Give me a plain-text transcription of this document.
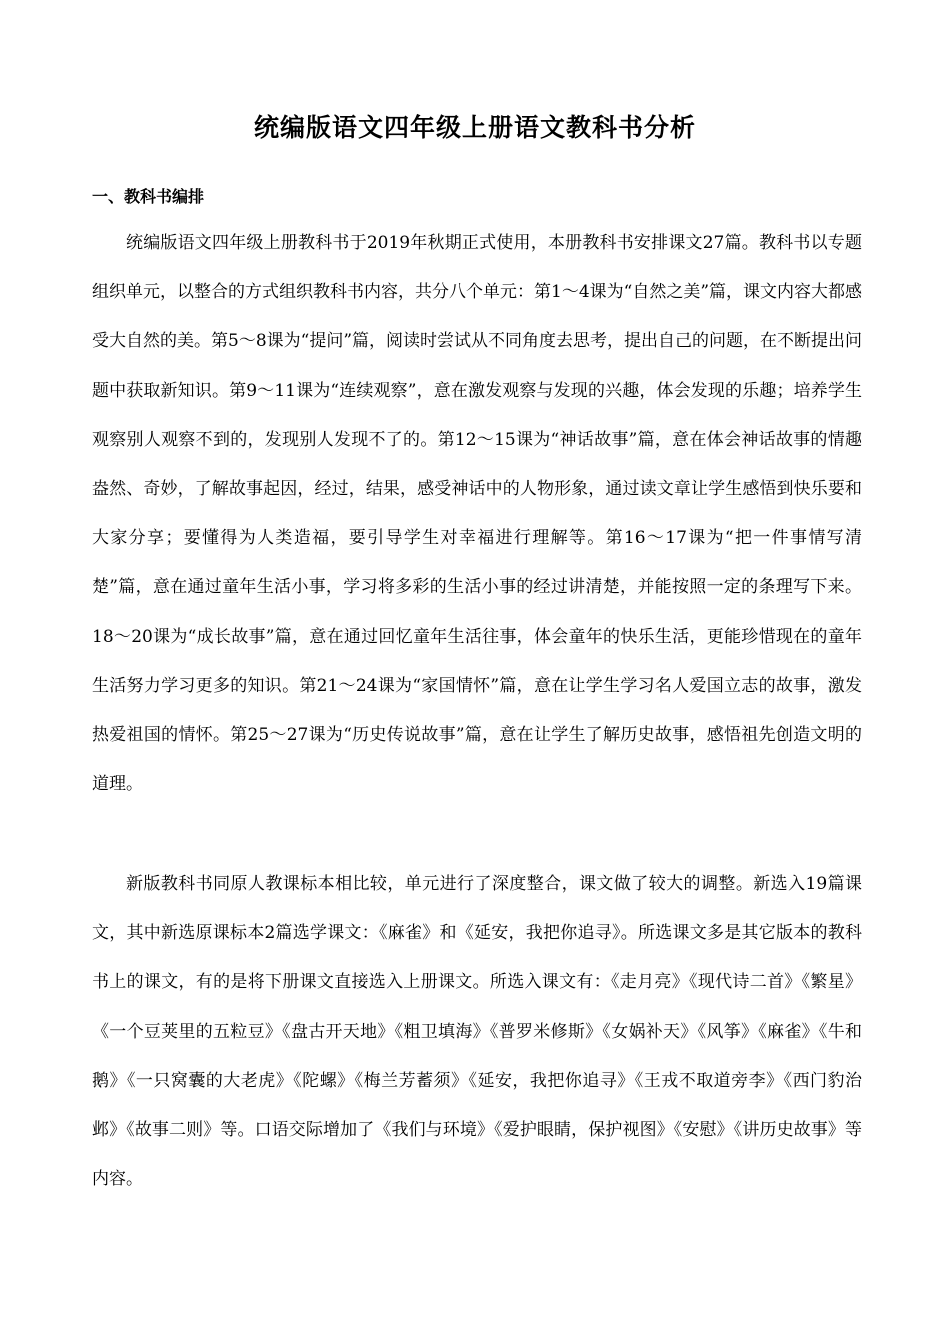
统编版语文四年级上册语文教科书分析
一、教科书编排

统编版语文四年级上册教科书于2019年秋期正式使用，本册教科书安排课文27篇。教科书以专题组织单元，以整合的方式组织教科书内容，共分八个单元：第1～4课为“自然之美”篇，课文内容大都感受大自然的美。第5～8课为“提问”篇，阅读时尝试从不同角度去思考，提出自己的问题，在不断提出问题中获取新知识。第9～11课为“连续观察”，意在激发观察与发现的兴趣，体会发现的乐趣；培养学生观察别人观察不到的，发现别人发现不了的。第12～15课为“神话故事”篇，意在体会神话故事的情趣盎然、奇妙，了解故事起因，经过，结果，感受神话中的人物形象，通过读文章让学生感悟到快乐要和大家分享；要懂得为人类造福，要引导学生对幸福进行理解等。第16～17课为“把一件事情写清楚”篇，意在通过童年生活小事，学习将多彩的生活小事的经过讲清楚，并能按照一定的条理写下来。18～20课为“成长故事”篇，意在通过回忆童年生活往事，体会童年的快乐生活，更能珍惜现在的童年生活努力学习更多的知识。第21～24课为“家国情怀”篇，意在让学生学习名人爱国立志的故事，激发热爱祖国的情怀。第25～27课为“历史传说故事”篇，意在让学生了解历史故事，感悟祖先创造文明的道理。

新版教科书同原人教课标本相比较，单元进行了深度整合，课文做了较大的调整。新选入19篇课文，其中新选原课标本2篇选学课文：《麻雀》和《延安，我把你追寻》。所选课文多是其它版本的教科书上的课文，有的是将下册课文直接选入上册课文。所选入课文有：《走月亮》《现代诗二首》《繁星》《一个豆荚里的五粒豆》《盘古开天地》《粗卫填海》《普罗米修斯》《女娲补天》《风筝》《麻雀》《牛和鹅》《一只窝囊的大老虎》《陀螺》《梅兰芳蓄须》《延安，我把你追寻》《王戎不取道旁李》《西门豹治邺》《故事二则》等。口语交际增加了《我们与环境》《爱护眼睛，保护视图》《安慰》《讲历史故事》等内容。
